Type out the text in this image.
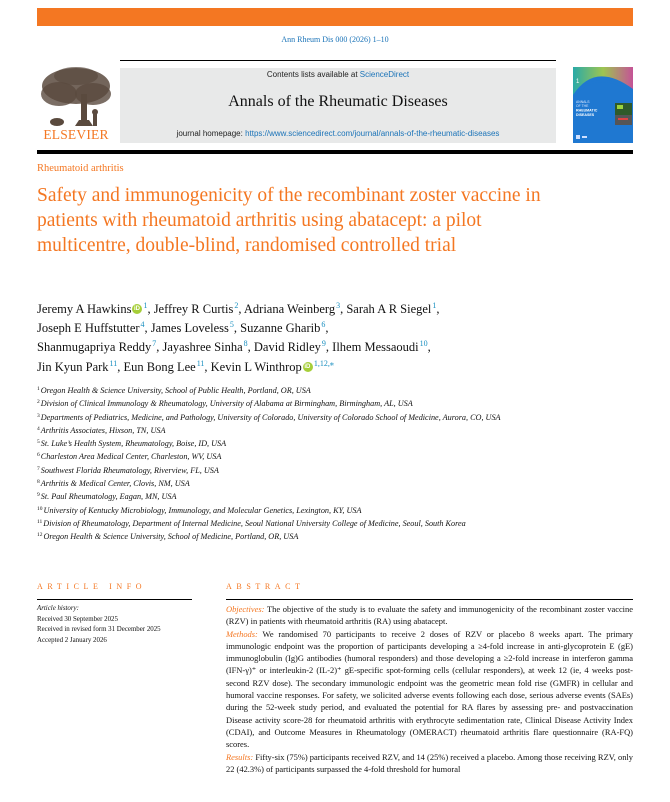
Ann Rheum Dis 000 (2026) 1–10
ELSEVIER
Contents lists available at ScienceDirect
Annals of the Rheumatic Diseases
journal homepage: https://www.sciencedirect.com/journal/annals-of-the-rheumatic-diseases
1
ANNALS
OF THE
RHEUMATIC
DISEASES
Rheumatoid arthritis
Safety and immunogenicity of the recombinant zoster vaccine in patients with rheumatoid arthritis using abatacept: a pilot multicentre, double-blind, randomised controlled trial
Jeremy A Hawkins iD $^1$, Jeffrey R Curtis$^2$, Adriana Weinberg$^3$, Sarah A R Siegel$^1$,
Joseph E Huffstutter$^4$, James Loveless$^5$, Suzanne Gharib$^6$,
Shanmugapriya Reddy$^7$, Jayashree Sinha$^8$, David Ridley$^9$, Ilhem Messaoudi$^{10}$,
Jin Kyun Park$^{11}$, Eun Bong Lee$^{11}$, Kevin L Winthrop iD $^{1,12,⁎}$
$^1$Oregon Health & Science University, School of Public Health, Portland, OR, USA
$^2$Division of Clinical Immunology & Rheumatology, University of Alabama at Birmingham, Birmingham, AL, USA
$^3$Departments of Pediatrics, Medicine, and Pathology, University of Colorado, University of Colorado School of Medicine, Aurora, CO, USA
$^4$Arthritis Associates, Hixson, TN, USA
$^5$St. Luke’s Health System, Rheumatology, Boise, ID, USA
$^6$Charleston Area Medical Center, Charleston, WV, USA
$^7$Southwest Florida Rheumatology, Riverview, FL, USA
$^8$Arthritis & Medical Center, Clovis, NM, USA
$^9$St. Paul Rheumatology, Eagan, MN, USA
$^{10}$University of Kentucky Microbiology, Immunology, and Molecular Genetics, Lexington, KY, USA
$^{11}$Division of Rheumatology, Department of Internal Medicine, Seoul National University College of Medicine, Seoul, South Korea
$^{12}$Oregon Health & Science University, School of Medicine, Portland, OR, USA
ARTICLE INFO
Article history:
Received 30 September 2025
Received in revised form 31 December 2025
Accepted 2 January 2026
ABSTRACT

Objectives: The objective of the study is to evaluate the safety and immunogenicity of the recombinant zoster vaccine (RZV) in patients with rheumatoid arthritis (RA) using abatacept.

Methods: We randomised 70 participants to receive 2 doses of RZV or placebo 8 weeks apart. The primary immunologic endpoint was the proportion of participants developing a ≥4-fold increase in anti-glycoprotein E (gE) immunoglobulin (Ig)G antibodies (humoral responders) and those developing a ≥2-fold increase in interferon gamma (IFN-γ)⁺ or interleukin-2 (IL-2)⁺ gE-specific spot-forming cells (cellular responders), at week 12 (ie, 4 weeks post-second RZV dose). The secondary immunologic endpoint was the geometric mean fold rise (GMFR) in cellular and humoral vaccine responses. For safety, we solicited adverse events following each dose, serious adverse events (SAEs) during the 52-week study period, and evaluated the potential for RA flares by assessing pre- and postvaccination Disease activity score-28 for rheumatoid arthritis with erythrocyte sedimentation rate, Clinical Disease Activity Index (CDAI), and Outcome Measures in Rheumatology (OMERACT) rheumatoid arthritis flare questionnaire (RA-FQ) scores.

Results: Fifty-six (75%) participants received RZV, and 14 (25%) received a placebo. Among those receiving RZV, only 22 (42.3%) of participants surpassed the 4-fold threshold for humoral
